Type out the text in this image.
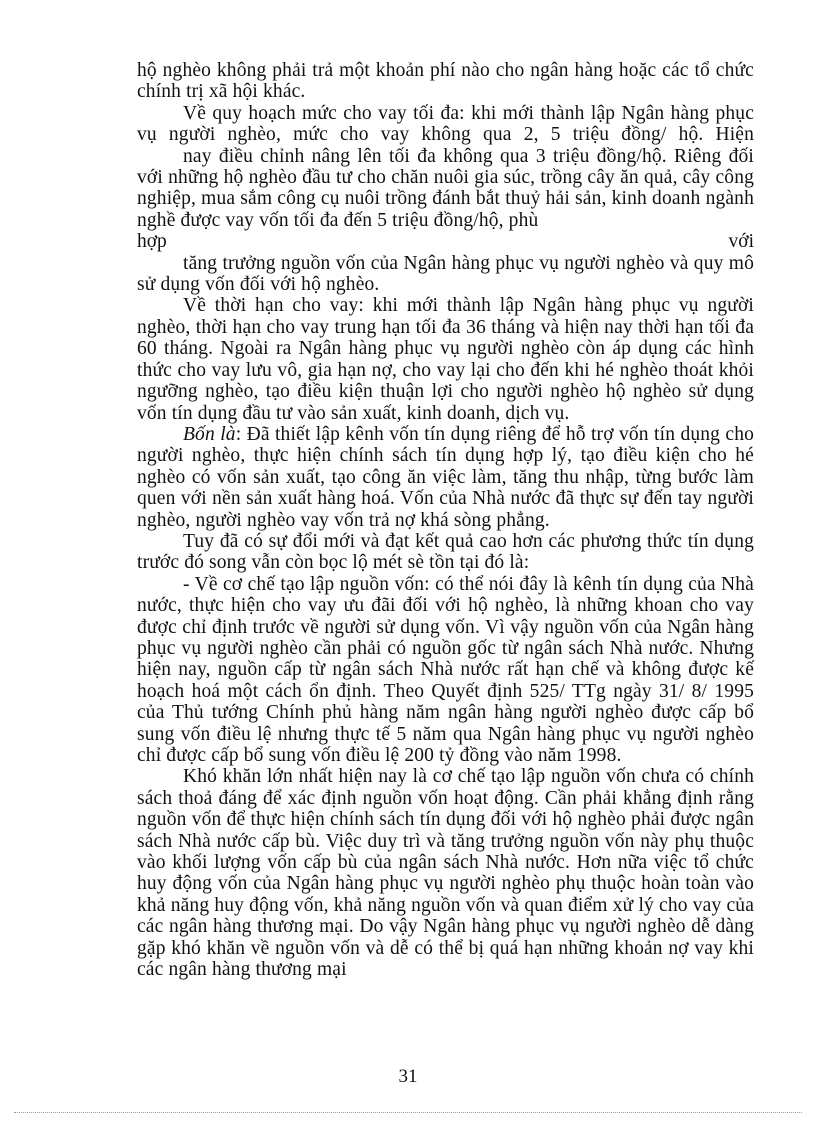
hộ nghèo không phải trả một khoản phí nào cho ngân hàng hoặc các tổ chức chính trị xã hội khác.

Về quy hoạch mức cho vay tối đa: khi mới thành lập Ngân hàng phục vụ người nghèo, mức cho vay không qua 2, 5 triệu đồng/ hộ. Hiện

nay điều chỉnh nâng lên tối đa không qua 3 triệu đồng/hộ. Riêng đối với những hộ nghèo đầu tư cho chăn nuôi gia súc, trồng cây ăn quả, cây công nghiệp, mua sắm công cụ nuôi trồng đánh bắt thuỷ hải sản, kinh doanh ngành nghề được vay vốn tối đa đến 5 triệu đồng/hộ, phù

hợp	với

tăng trưởng nguồn vốn của Ngân hàng phục vụ người nghèo và quy mô sử dụng vốn đối với hộ nghèo.

Về thời hạn cho vay: khi mới thành lập Ngân hàng phục vụ người nghèo, thời hạn cho vay trung hạn tối đa 36 tháng và hiện nay thời hạn tối đa 60 tháng. Ngoài ra Ngân hàng phục vụ người nghèo còn áp dụng các hình thức cho vay lưu vô, gia hạn nợ, cho vay lại cho đến khi hé nghèo thoát khỏi ngưỡng nghèo, tạo điều kiện thuận lợi cho người nghèo hộ nghèo sử dụng vốn tín dụng đầu tư vào sản xuất, kinh doanh, dịch vụ.

Bốn là: Đã thiết lập kênh vốn tín dụng riêng để hỗ trợ vốn tín dụng cho người nghèo, thực hiện chính sách tín dụng hợp lý, tạo điều kiện cho hé nghèo có vốn sản xuất, tạo công ăn việc làm, tăng thu nhập, từng bước làm quen với nền sản xuất hàng hoá. Vốn của Nhà nước đã thực sự đến tay người nghèo, người nghèo vay vốn trả nợ khá sòng phẳng.

Tuy đã có sự đổi mới và đạt kết quả cao hơn các phương thức tín dụng trước đó song vẫn còn bọc lộ mét sè tồn tại đó là:

- Về cơ chế tạo lập nguồn vốn: có thể nói đây là kênh tín dụng của Nhà nước, thực hiện cho vay ưu đãi đối với hộ nghèo, là những khoan cho vay được chỉ định trước về người sử dụng vốn. Vì vậy nguồn vốn của Ngân hàng phục vụ người nghèo cần phải có nguồn gốc từ ngân sách Nhà nước. Nhưng hiện nay, nguồn cấp từ ngân sách Nhà nước rất hạn chế và không được kế hoạch hoá một cách ổn định. Theo Quyết định 525/ TTg ngày 31/ 8/ 1995 của Thủ tướng Chính phủ hàng năm ngân hàng người nghèo được cấp bổ sung vốn điều lệ nhưng thực tế 5 năm qua Ngân hàng phục vụ người nghèo chỉ được cấp bổ sung vốn điều lệ 200 tỷ đồng vào năm 1998.

Khó khăn lớn nhất hiện nay là cơ chế tạo lập nguồn vốn chưa có chính sách thoả đáng để xác định nguồn vốn hoạt động. Cần phải khẳng định rằng nguồn vốn để thực hiện chính sách tín dụng đối với hộ nghèo phải được ngân sách Nhà nước cấp bù. Việc duy trì và tăng trưởng nguồn vốn này phụ thuộc vào khối lượng vốn cấp bù của ngân sách Nhà nước. Hơn nữa việc tổ chức huy động vốn của Ngân hàng phục vụ người nghèo phụ thuộc hoàn toàn vào khả năng huy động vốn, khả năng nguồn vốn và quan điểm xử lý cho vay của các ngân hàng thương mại. Do vậy Ngân hàng phục vụ người nghèo dễ dàng gặp khó khăn về nguồn vốn và dễ có thể bị quá hạn những khoản nợ vay khi các ngân hàng thương mại

31
